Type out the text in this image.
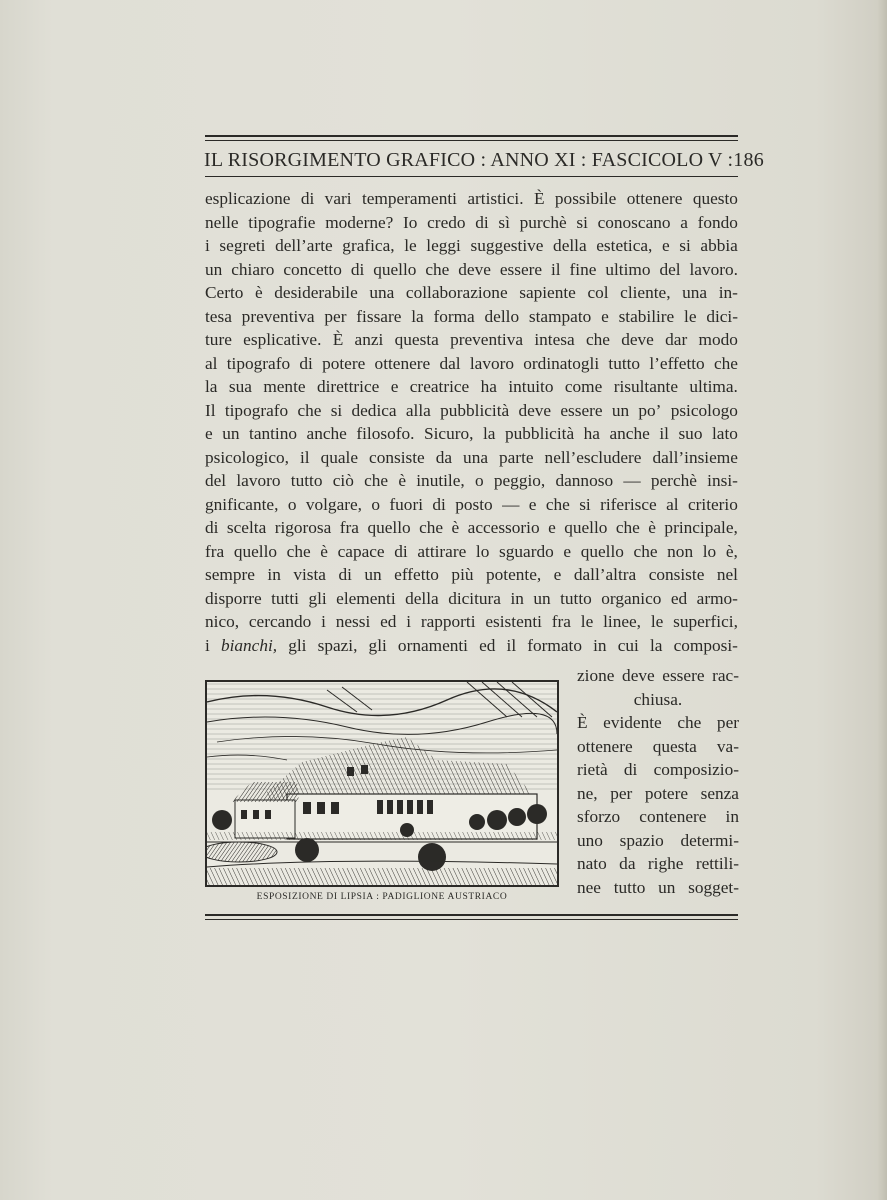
IL RISORGIMENTO GRAFICO : ANNO XI : FASCICOLO V : 186
esplicazione di vari temperamenti artistici. È possibile ottenere questo
nelle tipografie moderne? Io credo di sì purchè si conoscano a fondo
i segreti dell’arte grafica, le leggi suggestive della estetica, e si abbia
un chiaro concetto di quello che deve essere il fine ultimo del lavoro.
Certo è desiderabile una collaborazione sapiente col cliente, una in-
tesa preventiva per fissare la forma dello stampato e stabilire le dici-
ture esplicative. È anzi questa preventiva intesa che deve dar modo
al tipografo di potere ottenere dal lavoro ordinatogli tutto l’effetto che
la sua mente direttrice e creatrice ha intuito come risultante ultima.
Il tipografo che si dedica alla pubblicità deve essere un po’ psicologo
e un tantino anche filosofo. Sicuro, la pubblicità ha anche il suo lato
psicologico, il quale consiste da una parte nell’escludere dall’insieme
del lavoro tutto ciò che è inutile, o peggio, dannoso — perchè insi-
gnificante, o volgare, o fuori di posto — e che si riferisce al criterio
di scelta rigorosa fra quello che è accessorio e quello che è principale,
fra quello che è capace di attirare lo sguardo e quello che non lo è,
sempre in vista di un effetto più potente, e dall’altra consiste nel
disporre tutti gli elementi della dicitura in un tutto organico ed armo-
nico, cercando i nessi ed i rapporti esistenti fra le linee, le superfici,
i bianchi, gli spazi, gli ornamenti ed il formato in cui la composi-
ESPOSIZIONE DI LIPSIA : PADIGLIONE AUSTRIACO
zione deve essere rac-
chiusa.
È evidente che per
ottenere questa va-
rietà di composizio-
ne, per potere senza
sforzo contenere in
uno spazio determi-
nato da righe rettili-
nee tutto un sogget-
